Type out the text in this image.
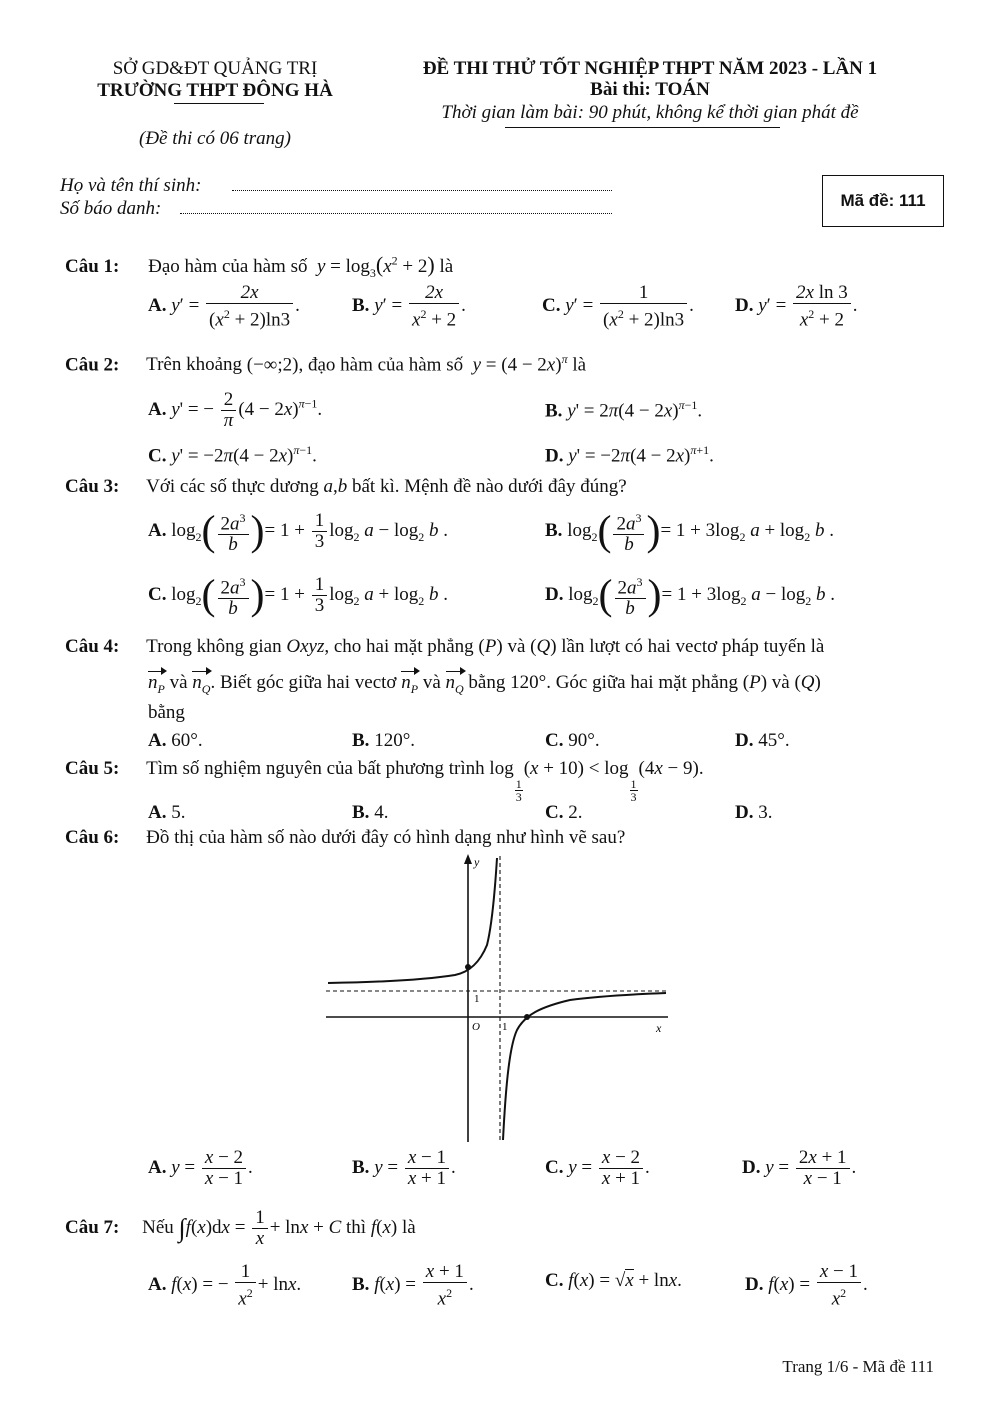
SỞ GD&ĐT QUẢNG TRỊ
TRƯỜNG THPT ĐÔNG HÀ
(Đề thi có 06 trang)
ĐỀ THI THỬ TỐT NGHIỆP THPT NĂM 2023 - LẦN 1
Bài thi: TOÁN
Thời gian làm bài: 90 phút, không kể thời gian phát đề
Họ và tên thí sinh:
Số báo danh:	Mã đề: 111
Câu 1: Đạo hàm của hàm số  $y = \log_3(x^2 + 2)$ là
A. $y' = \frac{2x}{(x^2 + 2)\ln 3}$ .	B. $y' = \frac{2x}{x^2 + 2}$ .	C. $y' = \frac{1}{(x^2 + 2)\ln 3}$ . D. $y' = \frac{\text{2x ln 3}}{x^2 + 2}$ .
Câu 2: Trên khoảng (−∞;2), đạo hàm của hàm số  $y = (4 - 2x)^\pi$ là
A. y' = − $\frac{2}{\pi} (4 - 2x)^{\pi-1}$.	B. $y' = 2\pi(4 - 2x)^{\pi-1}$.
C. $y' = -2\pi(4 - 2x)^{\pi-1}$.	D. $y' = -2\pi(4 - 2x)^{\pi+1}$.
Câu 3: Với các số thực dương a,b bất kì. Mệnh đề nào dưới đây đúng?
A. $\log_2( \frac{2a^3}{b}$ )= $1 + \frac{1}{3} \log_2 a - \log_2 b$ .	B. $\log_2( \frac{2a^3}{b}$ )= $1 + 3\log_2$ $a + \log_2 b$ .
C. $\log_2( \frac{2a^3}{b}$ )= $1 + \frac{1}{3} \log_2 a + \log_2 b$ .	D. $\log_2( \frac{2a^3}{b}$ )= $1 + 3\log_2$ $a - \log_2 b$ .
Câu 4: Trong không gian Oxyz, cho hai mặt phẳng (P) và (Q) lần lượt có hai vectơ pháp tuyến là
$n_P$ và $n_Q$. Biết góc giữa hai vectơ $n_P$ và $n_Q$ bằng 120°. Góc giữa hai mặt phẳng (P) và (Q)
bằng
A. 60°.	B. 120°.	C. 90°.	D. 45°.
Câu 5: Tìm số nghiệm nguyên của bất phương trình log
$\frac{1}{3}$
(x + 10) < log
$\frac{1}{3}$
(4x − 9).
A. 5.	B. 4.	C. 2.	D. 3.
Câu 6: Đồ thị của hàm số nào dưới đây có hình dạng như hình vẽ sau?
y
x
O
1
1
A. $y = \frac{x - 2}{x - 1}$ .	B. $y = \frac{x - 1}{x + 1}$ .	C. $y = \frac{x - 2}{x + 1}$ .	D. $y = \frac{2x + 1}{x - 1}$ .
Câu 7: Nếu $\int f(x)dx = \frac{1}{x} + \ln x + C$ thì f(x) là
A. f(x) = − $\frac{1}{x^2} + \ln x$.	B. $f(x) = \frac{x + 1}{x^2}$ .	C. f(x) = √x + lnx.	D. $f(x) = \frac{x - 1}{x^2}$ .
Trang 1/6 - Mã đề 111
